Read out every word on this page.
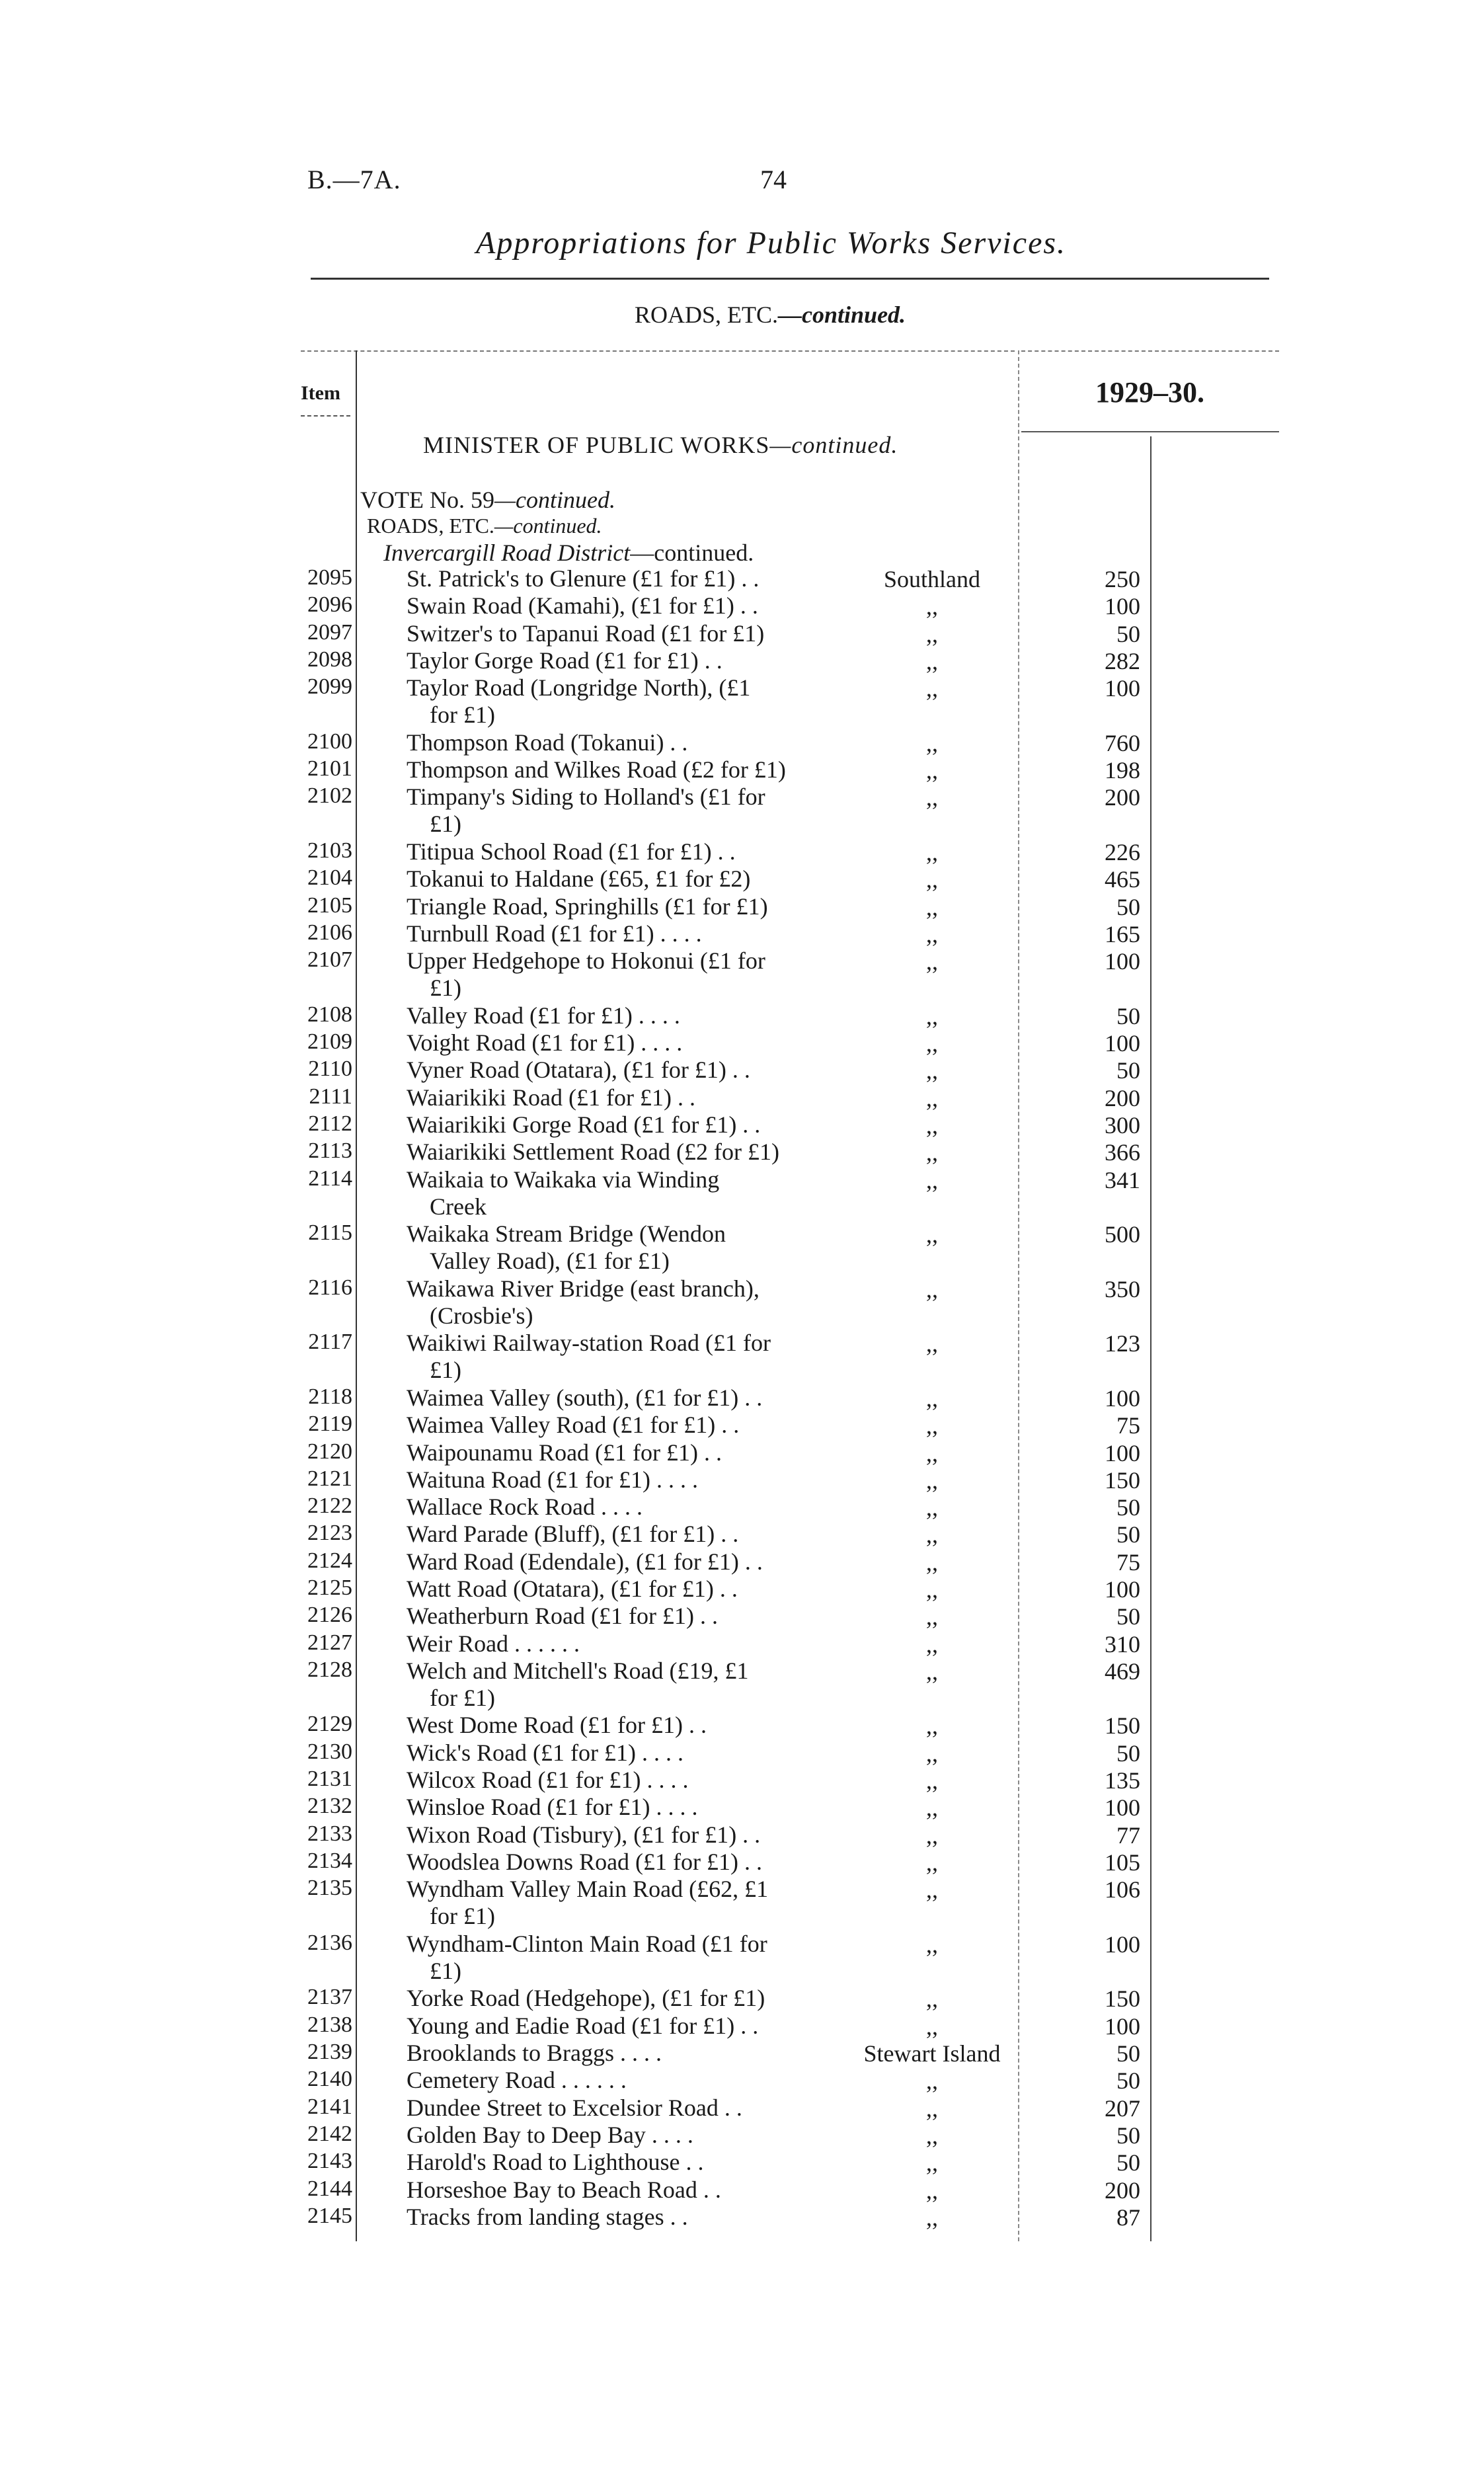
B.—7A.	74
Appropriations for Public Works Services.
ROADS, ETC.—continued.
Item	1929–30.
MINISTER OF PUBLIC WORKS—continued.
VOTE No. 59—continued.
ROADS, ETC.—continued.
Invercargill Road District—continued.
2095 St. Patrick's to Glenure (£1 for £1) . .	Southland	250
2096 Swain Road (Kamahi), (£1 for £1) . .	,,	100
2097 Switzer's to Tapanui Road (£1 for £1)	,,	50
2098 Taylor Gorge Road (£1 for £1) . .	,,	282
2099 Taylor Road (Longridge North), (£1
for £1)
,,	100
2100 Thompson Road (Tokanui) . .	,,	760
2101 Thompson and Wilkes Road (£2 for £1)	,,	198
2102 Timpany's Siding to Holland's (£1 for
£1)
,,	200
2103 Titipua School Road (£1 for £1) . .	,,	226
2104 Tokanui to Haldane (£65, £1 for £2)	,,	465
2105 Triangle Road, Springhills (£1 for £1)	,,	50
2106 Turnbull Road (£1 for £1) . . . .	,,	165
2107 Upper Hedgehope to Hokonui (£1 for
£1)
,,	100
2108 Valley Road (£1 for £1) . . . .	,,	50
2109 Voight Road (£1 for £1) . . . .	,,	100
2110 Vyner Road (Otatara), (£1 for £1) . .	,,	50
2111 Waiarikiki Road (£1 for £1) . .	,,	200
2112 Waiarikiki Gorge Road (£1 for £1) . .	,,	300
2113 Waiarikiki Settlement Road (£2 for £1)	,,	366
2114 Waikaia to Waikaka via Winding
Creek
,,	341
2115 Waikaka Stream Bridge (Wendon
Valley Road), (£1 for £1)
,,	500
2116 Waikawa River Bridge (east branch),
(Crosbie's)
,,	350
2117 Waikiwi Railway-station Road (£1 for
£1)
,,	123
2118 Waimea Valley (south), (£1 for £1) . .	,,	100
2119 Waimea Valley Road (£1 for £1) . .	,,	75
2120 Waipounamu Road (£1 for £1) . .	,,	100
2121 Waituna Road (£1 for £1) . . . .	,,	150
2122 Wallace Rock Road . . . .	,,	50
2123 Ward Parade (Bluff), (£1 for £1) . .	,,	50
2124 Ward Road (Edendale), (£1 for £1) . .	,,	75
2125 Watt Road (Otatara), (£1 for £1) . .	,,	100
2126 Weatherburn Road (£1 for £1) . .	,,	50
2127 Weir Road . . . . . .	,,	310
2128 Welch and Mitchell's Road (£19, £1
for £1)
,,	469
2129 West Dome Road (£1 for £1) . .	,,	150
2130 Wick's Road (£1 for £1) . . . .	,,	50
2131 Wilcox Road (£1 for £1) . . . .	,,	135
2132 Winsloe Road (£1 for £1) . . . .	,,	100
2133 Wixon Road (Tisbury), (£1 for £1) . .	,,	77
2134 Woodslea Downs Road (£1 for £1) . .	,,	105
2135 Wyndham Valley Main Road (£62, £1
for £1)
,,	106
2136 Wyndham-Clinton Main Road (£1 for
£1)
,,	100
2137 Yorke Road (Hedgehope), (£1 for £1)	,,	150
2138 Young and Eadie Road (£1 for £1) . .	,,	100
2139 Brooklands to Braggs . . . .	Stewart Island	50
2140 Cemetery Road . . . . . .	,,	50
2141 Dundee Street to Excelsior Road . .	,,	207
2142 Golden Bay to Deep Bay . . . .	,,	50
2143 Harold's Road to Lighthouse . .	,,	50
2144 Horseshoe Bay to Beach Road . .	,,	200
2145 Tracks from landing stages . .	,,	87
